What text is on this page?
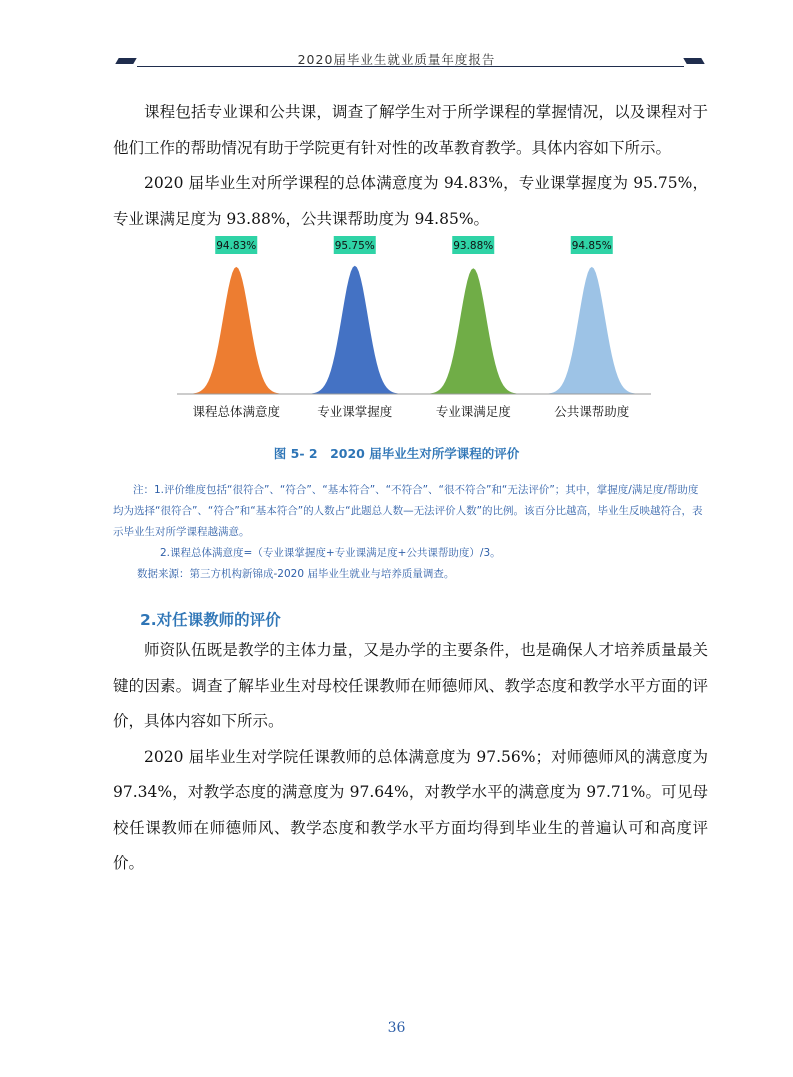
2020届毕业生就业质量年度报告

课程包括专业课和公共课，调查了解学生对于所学课程的掌握情况，以及课程对于他们工作的帮助情况有助于学院更有针对性的改革教育教学。具体内容如下所示。

2020 届毕业生对所学课程的总体满意度为 94.83%，专业课掌握度为 95.75%，专业课满足度为 93.88%，公共课帮助度为 94.85%。

94.83%
课程总体满意度
95.75%
专业课掌握度
93.88%
专业课满足度
94.85%
公共课帮助度
图 5- 2　2020 届毕业生对所学课程的评价

注：1.评价维度包括“很符合”、“符合”、“基本符合”、“不符合”、“很不符合”和“无法评价”；其中，掌握度/满足度/帮助度均为选择“很符合”、“符合”和“基本符合”的人数占“此题总人数—无法评价人数”的比例。该百分比越高，毕业生反映越符合，表示毕业生对所学课程越满意。

2.课程总体满意度=（专业课掌握度+专业课满足度+公共课帮助度）/3。

数据来源：第三方机构新锦成-2020 届毕业生就业与培养质量调查。

2.对任课教师的评价

师资队伍既是教学的主体力量，又是办学的主要条件，也是确保人才培养质量最关键的因素。调查了解毕业生对母校任课教师在师德师风、教学态度和教学水平方面的评价，具体内容如下所示。

2020 届毕业生对学院任课教师的总体满意度为 97.56%；对师德师风的满意度为97.34%，对教学态度的满意度为 97.64%，对教学水平的满意度为 97.71%。可见母校任课教师在师德师风、教学态度和教学水平方面均得到毕业生的普遍认可和高度评价。

36
